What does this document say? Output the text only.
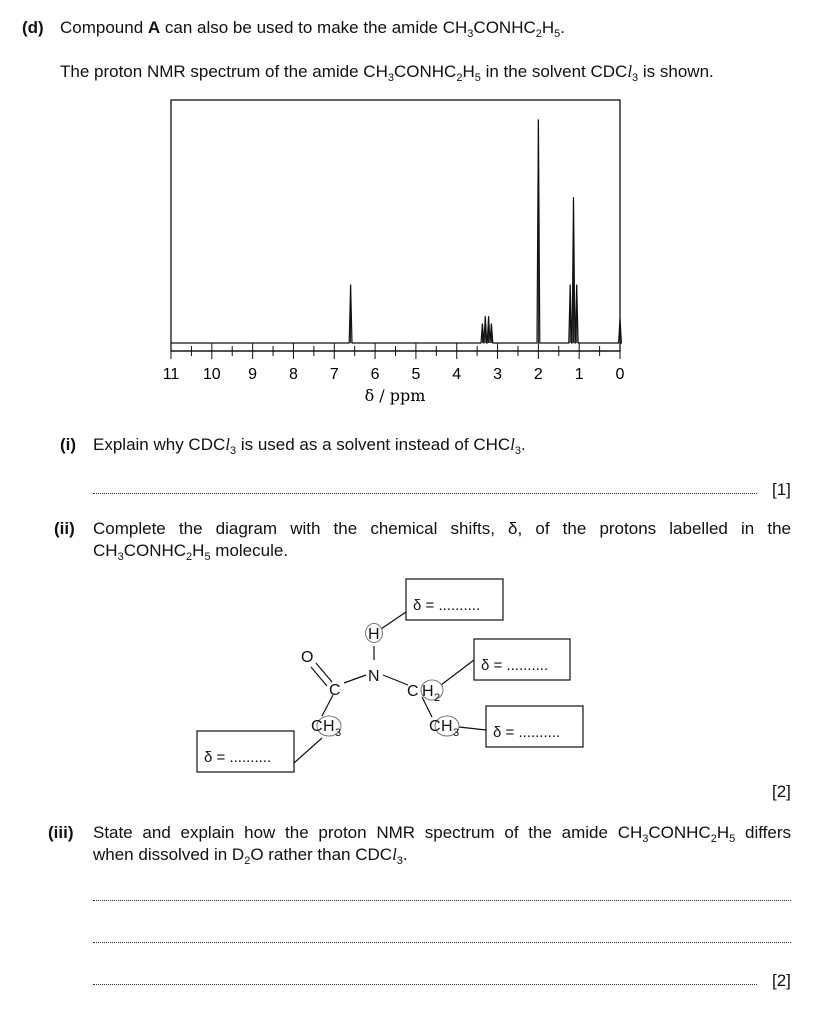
(d) Compound A can also be used to make the amide $CH_3CONHC_2H_5$.
The proton NMR spectrum of the amide $CH_3CONHC_2H_5$ in the solvent CDCl$_3$ is shown.
11 10 9 8 7 6 5 4 3 2 1 0
δ / ppm
(i) Explain why CDCl$_3$ is used as a solvent instead of CHCl$_3$.
[1]
(ii) Complete the diagram with the chemical shifts, δ, of the protons labelled in the
$CH_3CONHC_2H_5$ molecule.
O
C
N
H
C H 2
C H 3	C H 3
δ = ..........
δ = ..........
δ = ..........
δ = ..........
[2]
(iii) State and explain how the proton NMR spectrum of the amide $CH_3CONHC_2H_5$ differs
when dissolved in $D_2O$ rather than CDCl$_3$.
[2]
